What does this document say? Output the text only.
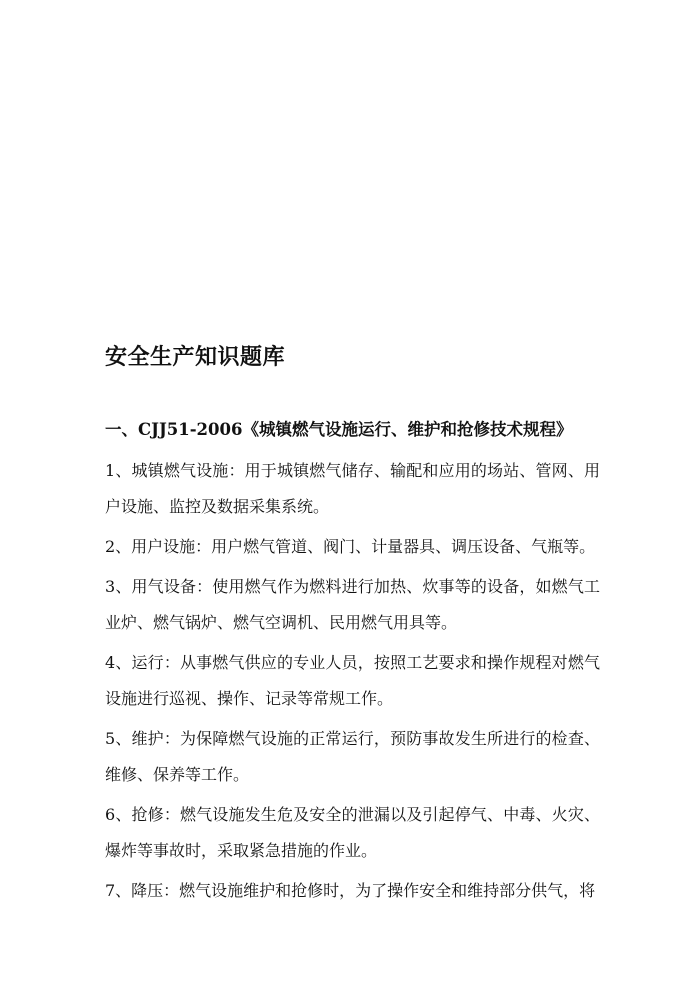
安全生产知识题库
一、CJJ51-2006《城镇燃气设施运行、维护和抢修技术规程》

1、城镇燃气设施：用于城镇燃气储存、输配和应用的场站、管网、用户设施、监控及数据采集系统。

2、用户设施：用户燃气管道、阀门、计量器具、调压设备、气瓶等。

3、用气设备：使用燃气作为燃料进行加热、炊事等的设备，如燃气工业炉、燃气锅炉、燃气空调机、民用燃气用具等。

4、运行：从事燃气供应的专业人员，按照工艺要求和操作规程对燃气设施进行巡视、操作、记录等常规工作。

5、维护：为保障燃气设施的正常运行，预防事故发生所进行的检查、维修、保养等工作。

6、抢修：燃气设施发生危及安全的泄漏以及引起停气、中毒、火灾、爆炸等事故时，采取紧急措施的作业。

7、降压：燃气设施维护和抢修时，为了操作安全和维持部分供气，将
